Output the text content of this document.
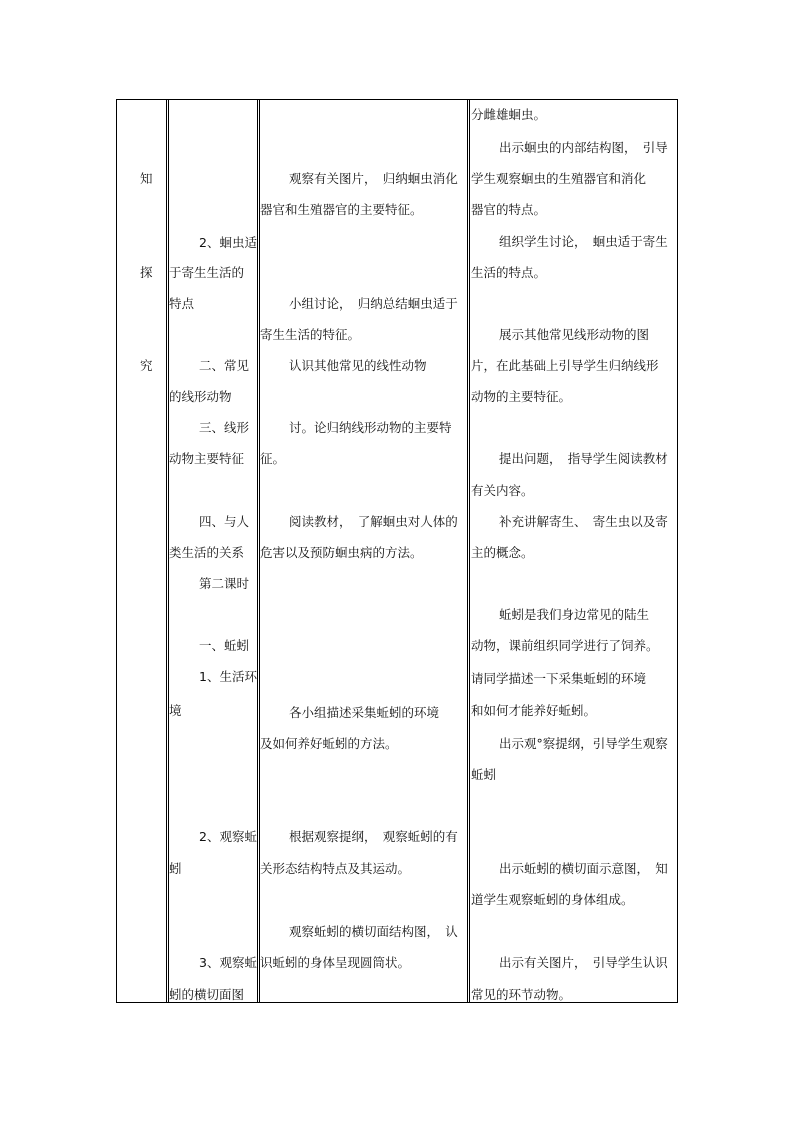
知
探
究
2、蛔虫适
于寄生生活的
特点
二、常见
的线形动物
三、线形
动物主要特征
四、与人
类生活的关系
第二课时
一、蚯蚓
1、生活环
境
2、观察蚯
蚓
3、观察蚯
蚓的横切面图
观察有关图片，　归纳蛔虫消化
器官和生殖器官的主要特征。
小组讨论，　归纳总结蛔虫适于
寄生生活的特征。
认识其他常见的线性动物
讨。论归纳线形动物的主要特
征。
阅读教材，　了解蛔虫对人体的
危害以及预防蛔虫病的方法。
各小组描述采集蚯蚓的环境
及如何养好蚯蚓的方法。
根据观察提纲，　观察蚯蚓的有
关形态结构特点及其运动。
观察蚯蚓的横切面结构图，　认
识蚯蚓的身体呈现圆筒状。
分雌雄蛔虫。
出示蛔虫的内部结构图，　引导
学生观察蛔虫的生殖器官和消化
器官的特点。
组织学生讨论，　蛔虫适于寄生
生活的特点。
展示其他常见线形动物的图
片，在此基础上引导学生归纳线形
动物的主要特征。
提出问题，　指导学生阅读教材
有关内容。
补充讲解寄生、　寄生虫以及寄
主的概念。
蚯蚓是我们身边常见的陆生
动物，课前组织同学进行了饲养。
请同学描述一下采集蚯蚓的环境
和如何才能养好蚯蚓。
出示观°察提纲，引导学生观察
蚯蚓
出示蚯蚓的横切面示意图，　知
道学生观察蚯蚓的身体组成。
出示有关图片，　引导学生认识
常见的环节动物。
